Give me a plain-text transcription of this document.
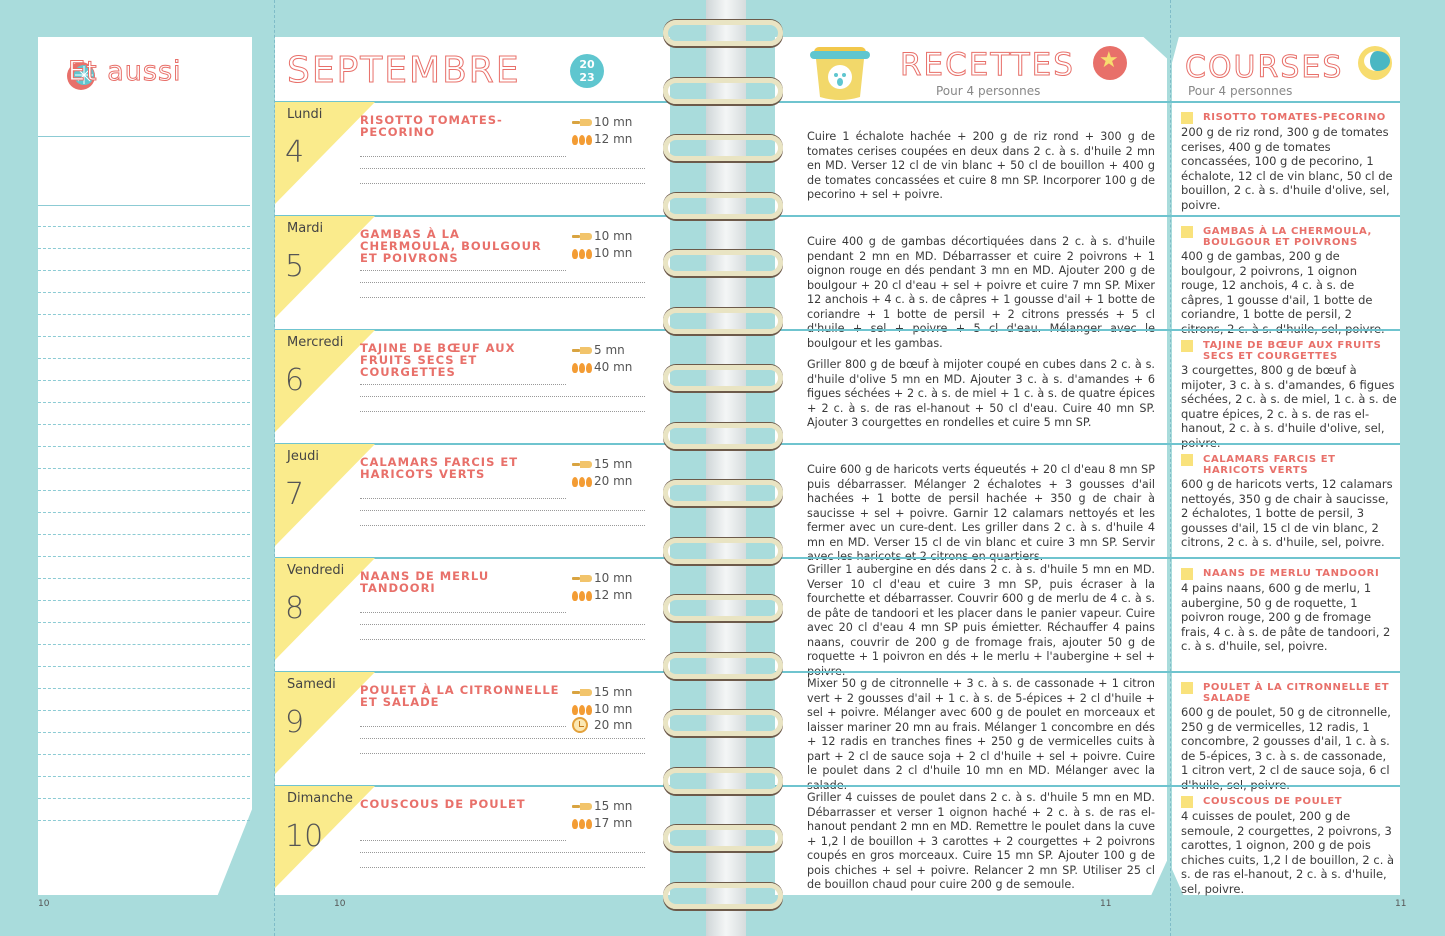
Et aussi
10
SEPTEMBRE	20
23
10
RECETTES
Pour 4 personnes
★
COURSES
Pour 4 personnes
11	11
Lundi
4
RISOTTO TOMATES-PECORINO
10 mn
12 mn	Cuire 1 échalote hachée + 200 g de riz rond + 300 g de tomates cerises coupées en deux dans 2 c. à s. d'huile 2 mn en MD. Verser 12 cl de vin blanc + 50 cl de bouillon + 400 g de tomates concassées et cuire 8 mn SP. Incorporer 100 g de pecorino + sel + poivre.
RISOTTO TOMATES-PECORINO
200 g de riz rond, 300 g de tomates cerises, 400 g de tomates concassées, 100 g de pecorino, 1 échalote, 12 cl de vin blanc, 50 cl de bouillon, 2 c. à s. d'huile d'olive, sel, poivre.
Mardi
5
GAMBAS À LA CHERMOULA, BOULGOUR ET POIVRONS
10 mn
10 mn
Cuire 400 g de gambas décortiquées dans 2 c. à s. d'huile pendant 2 mn en MD. Débarrasser et cuire 2 poivrons + 1 oignon rouge en dés pendant 3 mn en MD. Ajouter 200 g de boulgour + 20 cl d'eau + sel + poivre et cuire 7 mn SP. Mixer 12 anchois + 4 c. à s. de câpres + 1 gousse d'ail + 1 botte de coriandre + 1 botte de persil + 2 citrons pressés + 5 cl d'huile + sel + poivre + 5 cl d'eau. Mélanger avec le boulgour et les gambas.
GAMBAS À LA CHERMOULA, BOULGOUR ET POIVRONS
400 g de gambas, 200 g de boulgour, 2 poivrons, 1 oignon rouge, 12 anchois, 4 c. à s. de câpres, 1 gousse d'ail, 1 botte de coriandre, 1 botte de persil, 2 citrons, 2 c. à s. d'huile, sel, poivre.
Mercredi
6
TAJINE DE BŒUF AUX FRUITS SECS ET COURGETTES
5 mn
40 mn	Griller 800 g de bœuf à mijoter coupé en cubes dans 2 c. à s. d'huile d'olive 5 mn en MD. Ajouter 3 c. à s. d'amandes + 6 figues séchées + 2 c. à s. de miel + 1 c. à s. de quatre épices + 2 c. à s. de ras el-hanout + 50 cl d'eau. Cuire 40 mn SP. Ajouter 3 courgettes en rondelles et cuire 5 mn SP.
TAJINE DE BŒUF AUX FRUITS SECS ET COURGETTES
3 courgettes, 800 g de bœuf à mijoter, 3 c. à s. d'amandes, 6 figues séchées, 2 c. à s. de miel, 1 c. à s. de quatre épices, 2 c. à s. de ras el-hanout, 2 c. à s. d'huile d'olive, sel, poivre.
Jeudi
7
CALAMARS FARCIS ET HARICOTS VERTS
15 mn
20 mn
Cuire 600 g de haricots verts équeutés + 20 cl d'eau 8 mn SP puis débarrasser. Mélanger 2 échalotes + 3 gousses d'ail hachées + 1 botte de persil hachée + 350 g de chair à saucisse + sel + poivre. Garnir 12 calamars nettoyés et les fermer avec un cure-dent. Les griller dans 2 c. à s. d'huile 4 mn en MD. Verser 15 cl de vin blanc et cuire 3 mn SP. Servir avec les haricots et 2 citrons en quartiers.
CALAMARS FARCIS ET HARICOTS VERTS
600 g de haricots verts, 12 calamars nettoyés, 350 g de chair à saucisse, 2 échalotes, 1 botte de persil, 3 gousses d'ail, 15 cl de vin blanc, 2 citrons, 2 c. à s. d'huile, sel, poivre.
Vendredi
8
NAANS DE MERLU TANDOORI
10 mn
12 mn
Griller 1 aubergine en dés dans 2 c. à s. d'huile 5 mn en MD. Verser 10 cl d'eau et cuire 3 mn SP, puis écraser à la fourchette et débarrasser. Couvrir 600 g de merlu de 4 c. à s. de pâte de tandoori et les placer dans le panier vapeur. Cuire avec 20 cl d'eau 4 mn SP puis émietter. Réchauffer 4 pains naans, couvrir de 200 g de fromage frais, ajouter 50 g de roquette + 1 poivron en dés + le merlu + l'aubergine + sel + poivre.
NAANS DE MERLU TANDOORI
4 pains naans, 600 g de merlu, 1 aubergine, 50 g de roquette, 1 poivron rouge, 200 g de fromage frais, 4 c. à s. de pâte de tandoori, 2 c. à s. d'huile, sel, poivre.
Samedi
9
POULET À LA CITRONNELLE ET SALADE
15 mn
10 mn
20 mn
Mixer 50 g de citronnelle + 3 c. à s. de cassonade + 1 citron vert + 2 gousses d'ail + 1 c. à s. de 5-épices + 2 cl d'huile + sel + poivre. Mélanger avec 600 g de poulet en morceaux et laisser mariner 20 mn au frais. Mélanger 1 concombre en dés + 12 radis en tranches fines + 250 g de vermicelles cuits à part + 2 cl de sauce soja + 2 cl d'huile + sel + poivre. Cuire le poulet dans 2 cl d'huile 10 mn en MD. Mélanger avec la salade.
POULET À LA CITRONNELLE ET SALADE
600 g de poulet, 50 g de citronnelle, 250 g de vermicelles, 12 radis, 1 concombre, 2 gousses d'ail, 1 c. à s. de 5-épices, 3 c. à s. de cassonade, 1 citron vert, 2 cl de sauce soja, 6 cl d'huile, sel, poivre.
Dimanche
10
COUSCOUS DE POULET	15 mn
17 mn
Griller 4 cuisses de poulet dans 2 c. à s. d'huile 5 mn en MD. Débarrasser et verser 1 oignon haché + 2 c. à s. de ras el-hanout pendant 2 mn en MD. Remettre le poulet dans la cuve + 1,2 l de bouillon + 3 carottes + 2 courgettes + 2 poivrons coupés en gros morceaux. Cuire 15 mn SP. Ajouter 100 g de pois chiches + sel + poivre. Relancer 2 mn SP. Utiliser 25 cl de bouillon chaud pour cuire 200 g de semoule.
COUSCOUS DE POULET
4 cuisses de poulet, 200 g de semoule, 2 courgettes, 2 poivrons, 3 carottes, 1 oignon, 200 g de pois chiches cuits, 1,2 l de bouillon, 2 c. à s. de ras el-hanout, 2 c. à s. d'huile, sel, poivre.
